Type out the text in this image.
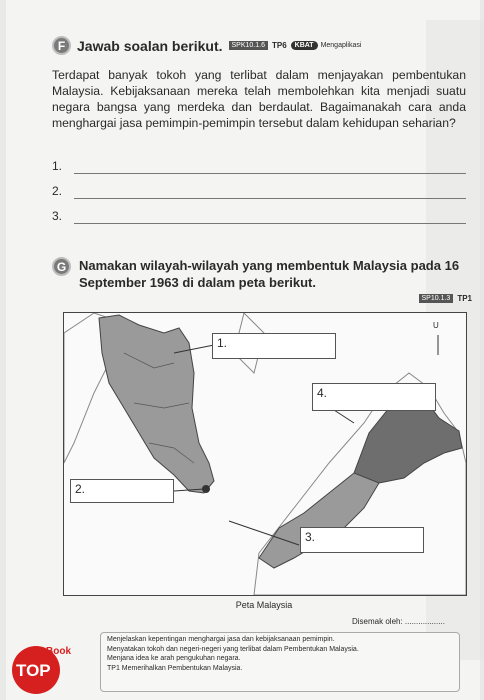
F Jawab soalan berikut.	SPK10.1.6 TP6	KBAT	Mengaplikasi
Terdapat banyak tokoh yang terlibat dalam menjayakan pembentukan Malaysia. Kebijaksanaan mereka telah membolehkan kita menjadi suatu negara bangsa yang merdeka dan berdaulat. Bagaimanakah cara anda menghargai jasa pemimpin-pemimpin tersebut dalam kehidupan seharian?
1.
2.
3.
G Namakan wilayah-wilayah yang membentuk Malaysia pada 16 September 1963 di dalam peta berikut.
SP10.1.3 TP1
1.
2.
3.
4.
U
Peta Malaysia
Disemak oleh: ..................
Menjelaskan kepentingan menghargai jasa dan kebijaksanaan pemimpin.
Menyatakan tokoh dan negeri-negeri yang terlibat dalam Pembentukan Malaysia.
Menjana idea ke arah pengukuhan negara.
TP1 Memerihalkan Pembentukan Malaysia.
TOP
Book
